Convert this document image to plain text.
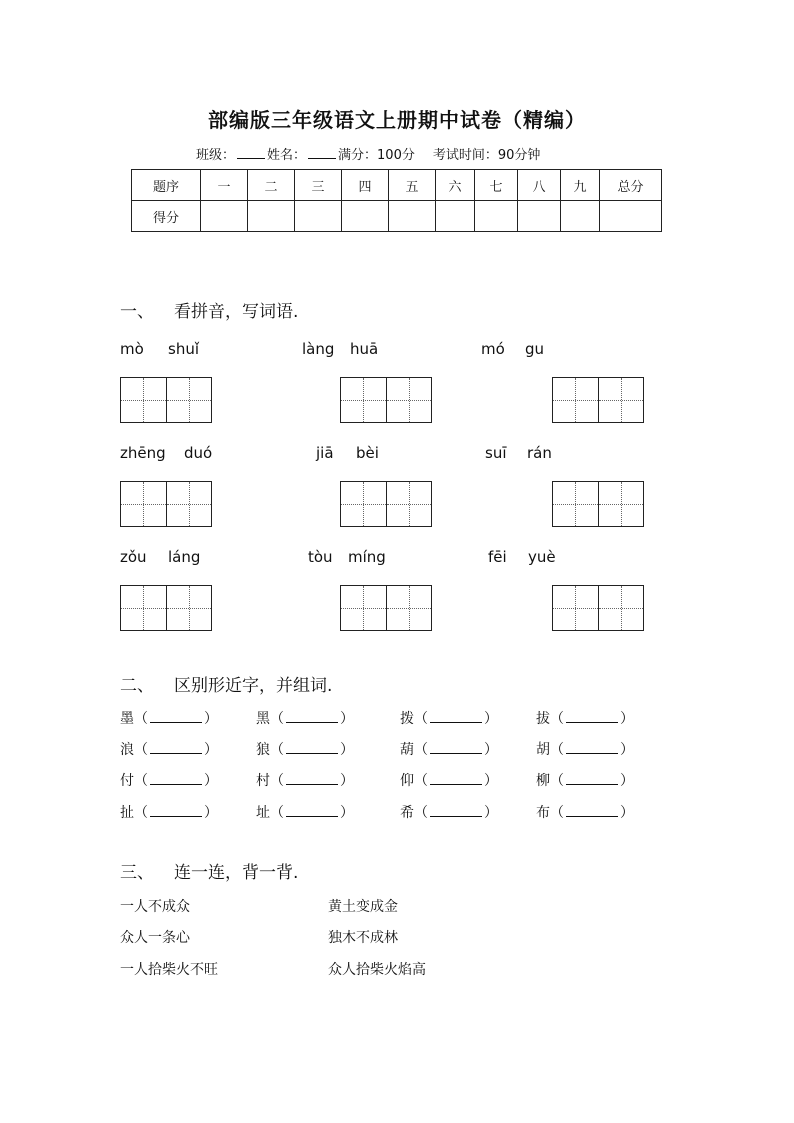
部编版三年级语文上册期中试卷（精编）
班级： 姓名： 满分：100分 考试时间：90分钟
题序	一	二	三	四	五	六	七	八	九	总分
得分										
一、 看拼音，写词语.
mò shuǐ	làng huā	mó gu
zhēng duó	jiā bèi	suī rán
zǒu láng	tòu míng	fēi yuè
二、 区别形近字，并组词.
墨（	）	黑（	）	拨（	）	拔（	）
浪（	）	狼（	）	葫（	）	胡（	）
付（	）	村（	）	仰（	）	柳（	）
扯（	）	址（	）	希（	）	布（	）
三、 连一连，背一背.
一人不成众
众人一条心
一人拾柴火不旺
黄土变成金
独木不成林
众人拾柴火焰高
